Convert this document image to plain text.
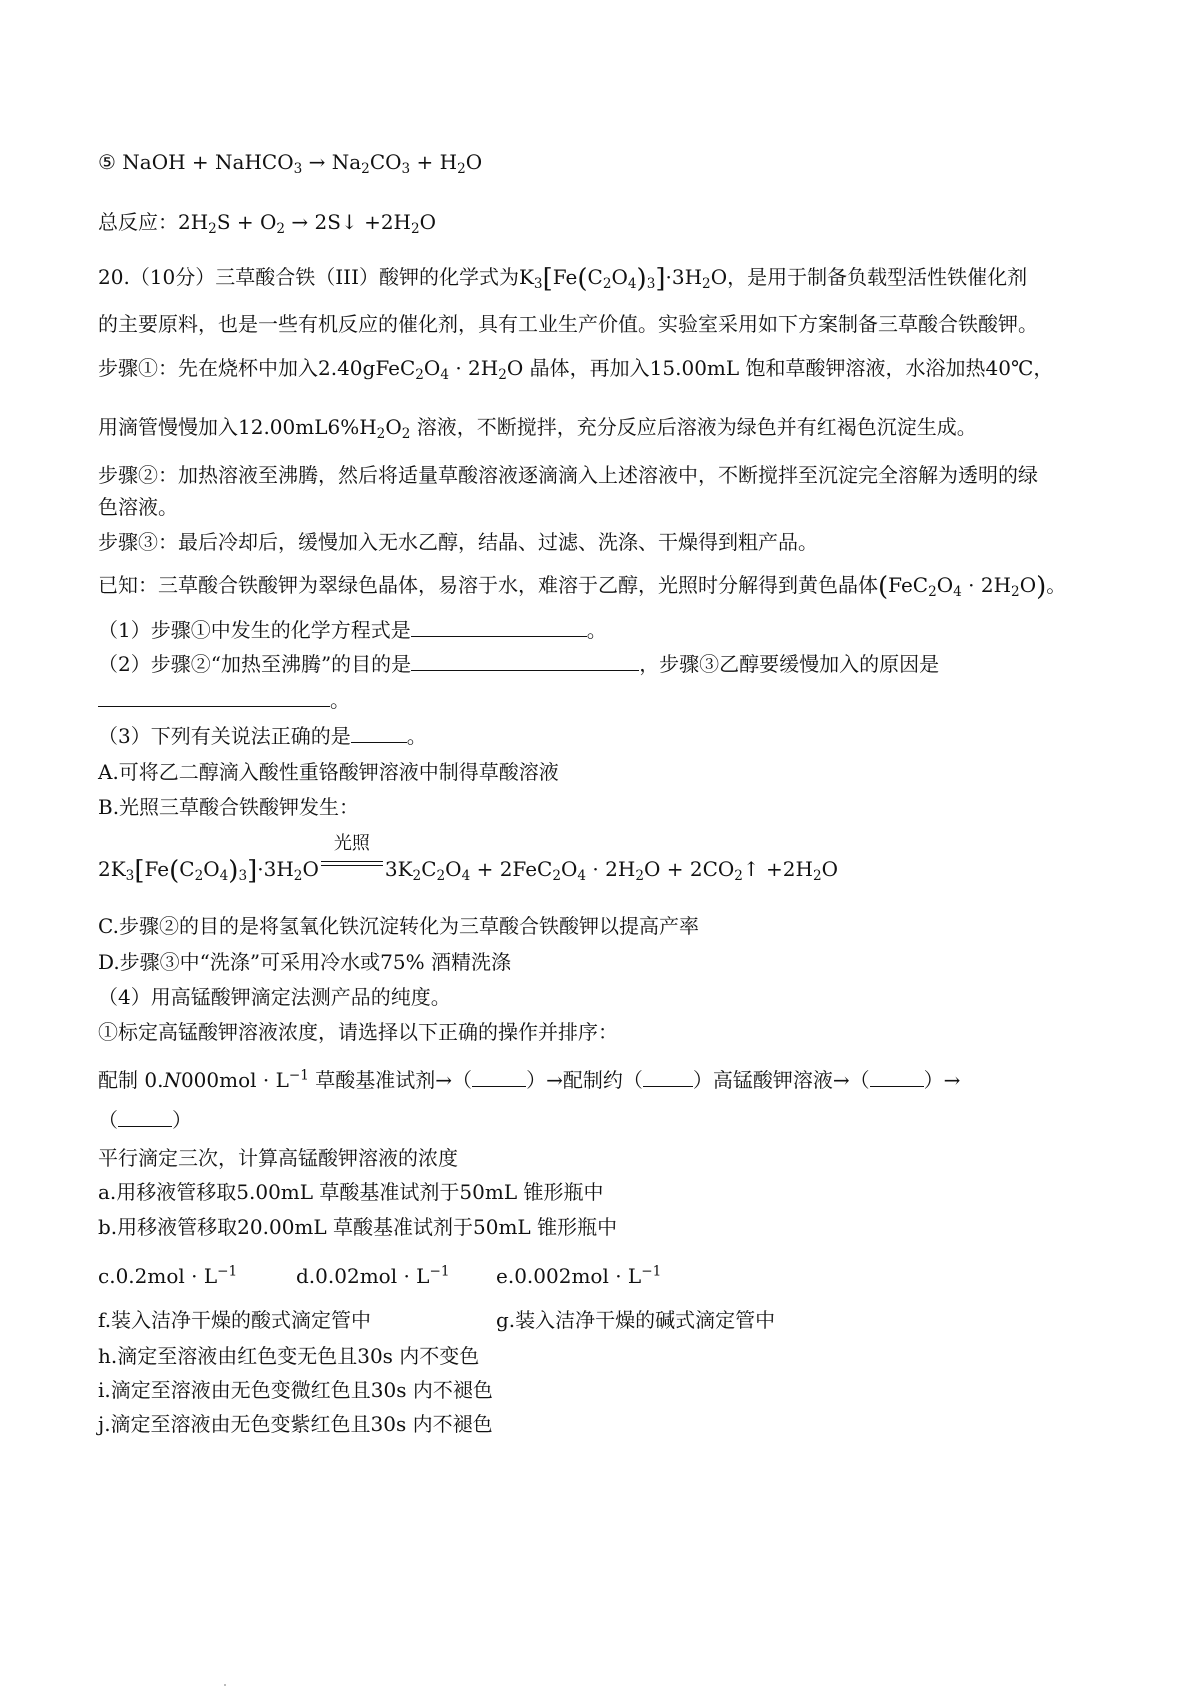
⑤ NaOH + NaHCO$_3$ → $Na_2CO_3 + H_2O$
总反应：$2H_2S + O_2$ → 2S↓ $+2H_2O$
20.（10分）三草酸合铁（III）酸钾的化学式为$K_3[Fe(C_2O_4)_3]\cdot 3H_2O$，是用于制备负载型活性铁催化剂
的主要原料，也是一些有机反应的催化剂，具有工业生产价值。实验室采用如下方案制备三草酸合铁酸钾。
步骤①：先在烧杯中加入$2.40gFeC_2O_4 \cdot 2H_2O$ 晶体，再加入15.00mL 饱和草酸钾溶液，水浴加热40℃，
用滴管慢慢加入$12.00mL6\%H_2O_2$ 溶液，不断搅拌，充分反应后溶液为绿色并有红褐色沉淀生成。
步骤②：加热溶液至沸腾，然后将适量草酸溶液逐滴滴入上述溶液中，不断搅拌至沉淀完全溶解为透明的绿
色溶液。
步骤③：最后冷却后，缓慢加入无水乙醇，结晶、过滤、洗涤、干燥得到粗产品。
已知：三草酸合铁酸钾为翠绿色晶体，易溶于水，难溶于乙醇，光照时分解得到黄色晶体$(FeC_2O_4 \cdot 2H_2O)$。
（1）步骤①中发生的化学方程式是	。
（2）步骤②“加热至沸腾”的目的是	，步骤③乙醇要缓慢加入的原因是
。
（3）下列有关说法正确的是	。
A.可将乙二醇滴入酸性重铬酸钾溶液中制得草酸溶液
B.光照三草酸合铁酸钾发生：
$2K_3[Fe(C_2O_4)_3]\cdot 3H_2O$
光照
$3K_2C_2O_4 + 2FeC_2O_4 \cdot 2H_2O$ + $2CO_2↑ +2H_2O$
C.步骤②的目的是将氢氧化铁沉淀转化为三草酸合铁酸钾以提高产率
D.步骤③中“洗涤”可采用冷水或75% 酒精洗涤
（4）用高锰酸钾滴定法测产品的纯度。
①标定高锰酸钾溶液浓度，请选择以下正确的操作并排序：
配制 $0.N000mol \cdot L^{-1}$ 草酸基准试剂→（	）→配制约（	）高锰酸钾溶液→（	）→
（	）
平行滴定三次，计算高锰酸钾溶液的浓度
a.用移液管移取5.00mL 草酸基准试剂于50mL 锥形瓶中
b.用移液管移取20.00mL 草酸基准试剂于50mL 锥形瓶中
$c.0.2mol \cdot L^{-1}$	$d.0.02mol \cdot L^{-1}$ $e.0.002mol \cdot L^{-1}$
f.装入洁净干燥的酸式滴定管中	g.装入洁净干燥的碱式滴定管中
h.滴定至溶液由红色变无色且30s 内不变色
i.滴定至溶液由无色变微红色且30s 内不褪色
j.滴定至溶液由无色变紫红色且30s 内不褪色
